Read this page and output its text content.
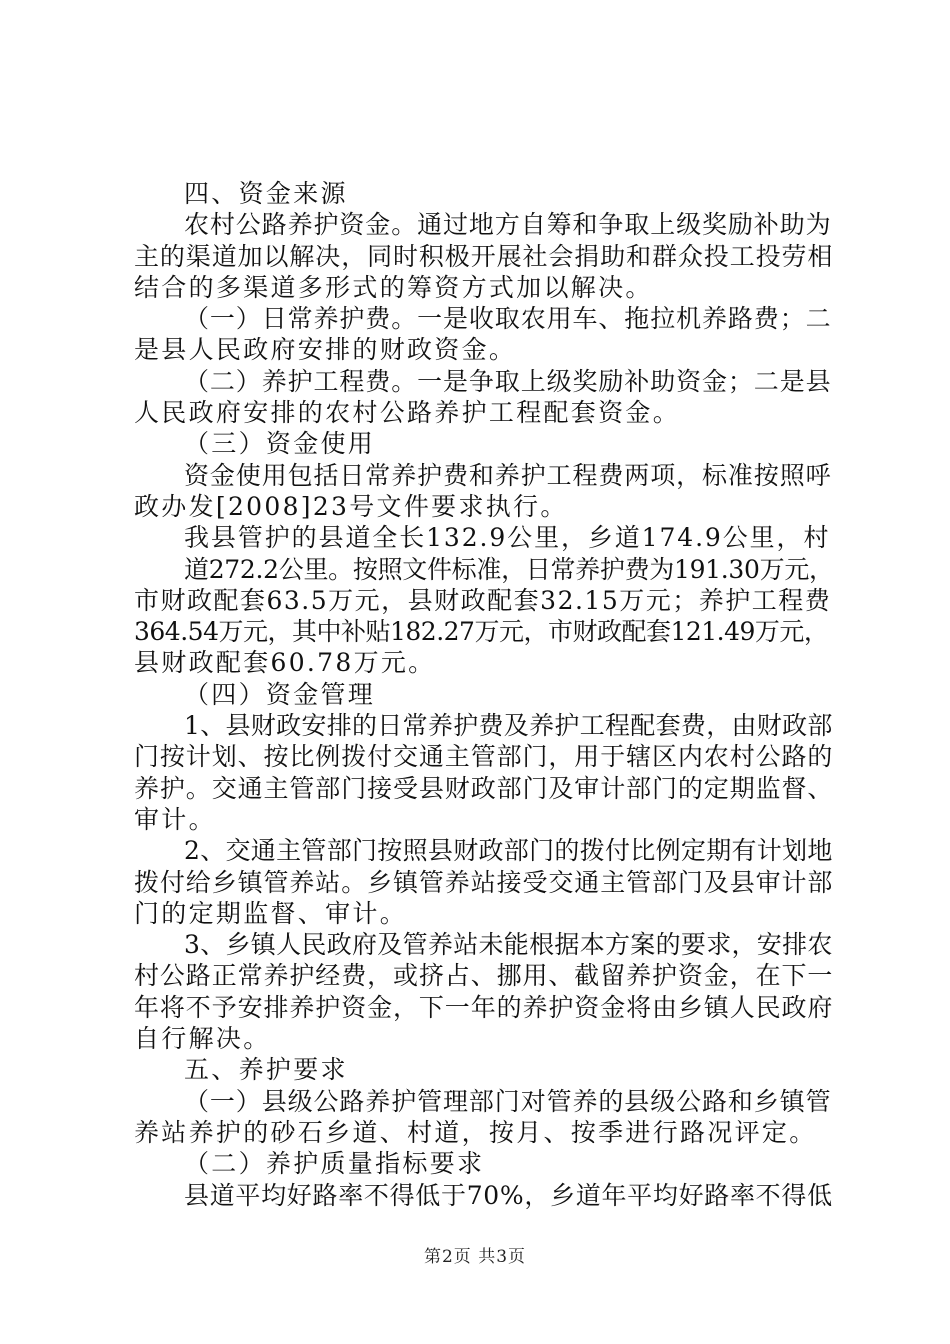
四、资金来源
农村公路养护资金。通过地方自筹和争取上级奖励补助为
主的渠道加以解决，同时积极开展社会捐助和群众投工投劳相
结合的多渠道多形式的筹资方式加以解决。
（一）日常养护费。一是收取农用车、拖拉机养路费；二
是县人民政府安排的财政资金。
（二）养护工程费。一是争取上级奖励补助资金；二是县
人民政府安排的农村公路养护工程配套资金。
（三）资金使用
资金使用包括日常养护费和养护工程费两项，标准按照呼
政办发[2008]23号文件要求执行。
我县管护的县道全长132.9公里，乡道174.9公里，村
道272.2公里。按照文件标准，日常养护费为191.30万元，
市财政配套63.5万元，县财政配套32.15万元；养护工程费
364.54万元，其中补贴182.27万元，市财政配套121.49万元，
县财政配套60.78万元。
（四）资金管理
1、县财政安排的日常养护费及养护工程配套费，由财政部
门按计划、按比例拨付交通主管部门，用于辖区内农村公路的
养护。交通主管部门接受县财政部门及审计部门的定期监督、
审计。
2、交通主管部门按照县财政部门的拨付比例定期有计划地
拨付给乡镇管养站。乡镇管养站接受交通主管部门及县审计部
门的定期监督、审计。
3、乡镇人民政府及管养站未能根据本方案的要求，安排农
村公路正常养护经费，或挤占、挪用、截留养护资金，在下一
年将不予安排养护资金，下一年的养护资金将由乡镇人民政府
自行解决。
五、养护要求
（一）县级公路养护管理部门对管养的县级公路和乡镇管
养站养护的砂石乡道、村道，按月、按季进行路况评定。
（二）养护质量指标要求
县道平均好路率不得低于70%，乡道年平均好路率不得低
第2页 共3页
